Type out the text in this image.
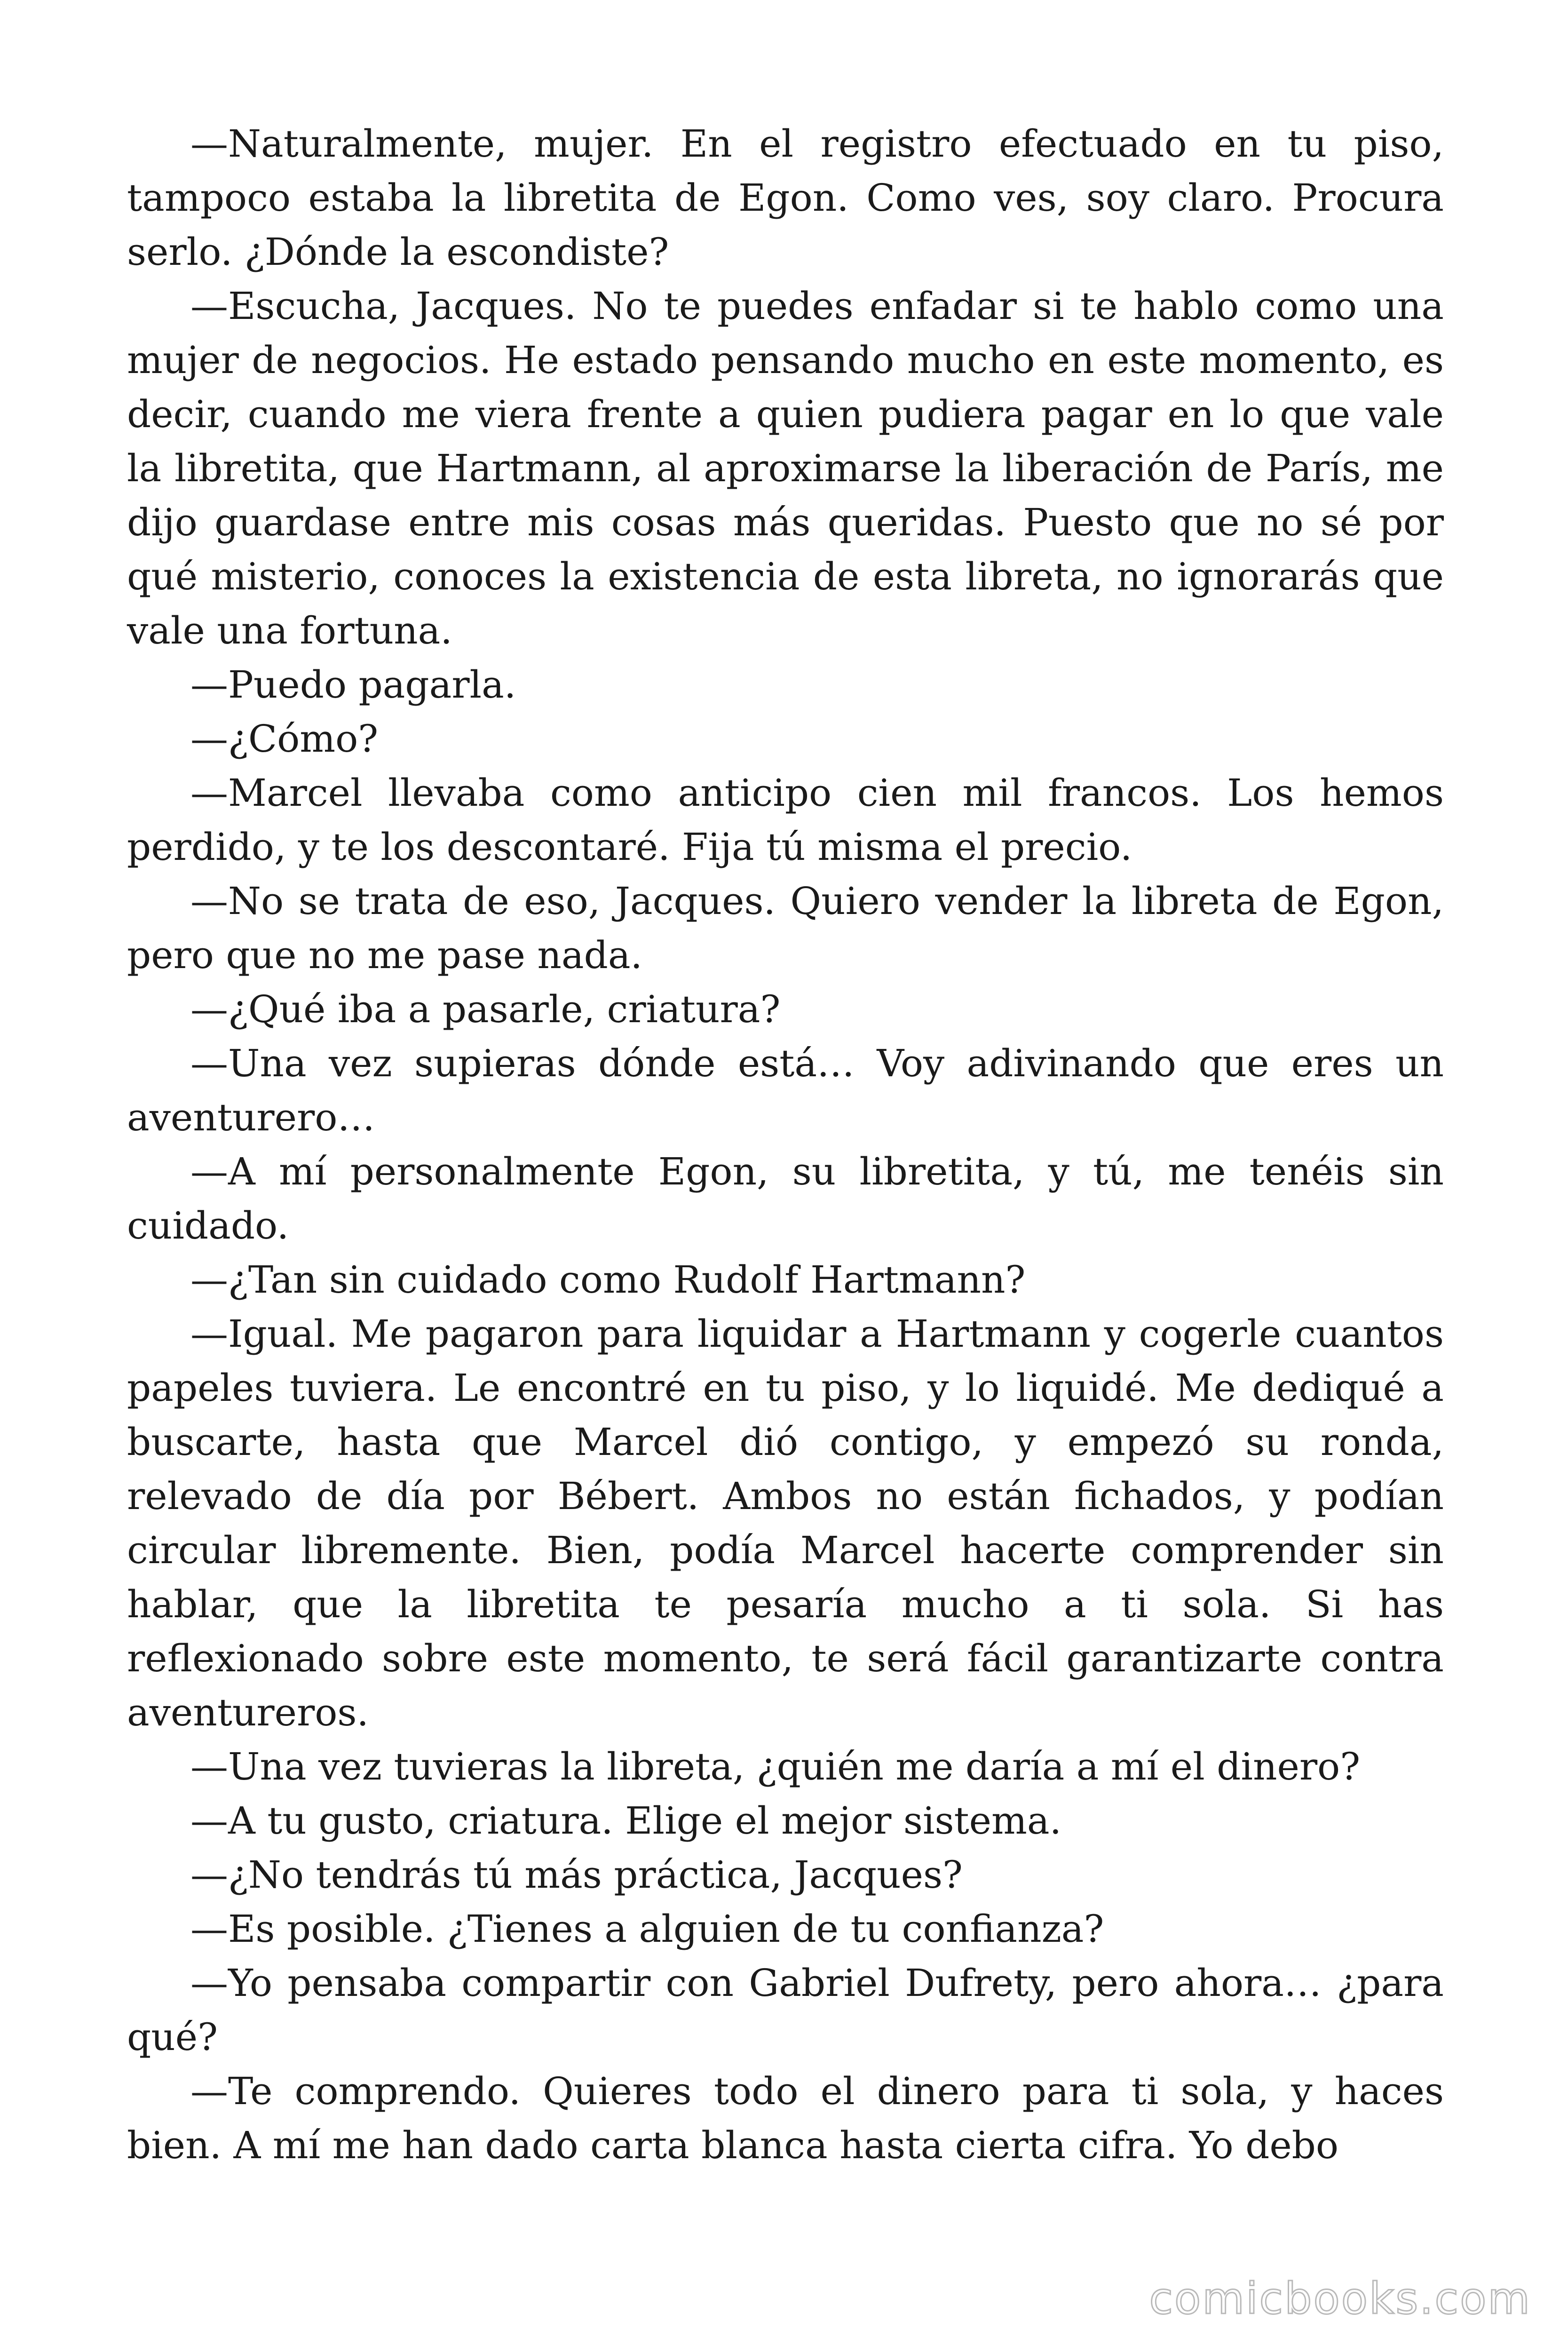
—Naturalmente, mujer. En el registro efectuado en tu piso, tampoco estaba la libretita de Egon. Como ves, soy claro. Procura serlo. ¿Dónde la escondiste?

—Escucha, Jacques. No te puedes enfadar si te hablo como una mujer de negocios. He estado pensando mucho en este momento, es decir, cuando me viera frente a quien pudiera pagar en lo que vale la libretita, que Hartmann, al aproximarse la liberación de París, me dijo guardase entre mis cosas más queridas. Puesto que no sé por qué misterio, conoces la existencia de esta libreta, no ignorarás que vale una fortuna.

—Puedo pagarla.

—¿Cómo?

—Marcel llevaba como anticipo cien mil francos. Los hemos perdido, y te los descontaré. Fija tú misma el precio.

—No se trata de eso, Jacques. Quiero vender la libreta de Egon, pero que no me pase nada.

—¿Qué iba a pasarle, criatura?

—Una vez supieras dónde está… Voy adivinando que eres un aventurero…

—A mí personalmente Egon, su libretita, y tú, me tenéis sin cuidado.

—¿Tan sin cuidado como Rudolf Hartmann?

—Igual. Me pagaron para liquidar a Hartmann y cogerle cuantos papeles tuviera. Le encontré en tu piso, y lo liquidé. Me dediqué a buscarte, hasta que Marcel dió contigo, y empezó su ronda, relevado de día por Bébert. Ambos no están fichados, y podían circular libremente. Bien, podía Marcel hacerte comprender sin hablar, que la libretita te pesaría mucho a ti sola. Si has reflexionado sobre este momento, te será fácil garantizarte contra aventureros.

—Una vez tuvieras la libreta, ¿quién me daría a mí el dinero?

—A tu gusto, criatura. Elige el mejor sistema.

—¿No tendrás tú más práctica, Jacques?

—Es posible. ¿Tienes a alguien de tu confianza?

—Yo pensaba compartir con Gabriel Dufrety, pero ahora… ¿para qué?

—Te comprendo. Quieres todo el dinero para ti sola, y haces bien. A mí me han dado carta blanca hasta cierta cifra. Yo debo

comicbooks.com
